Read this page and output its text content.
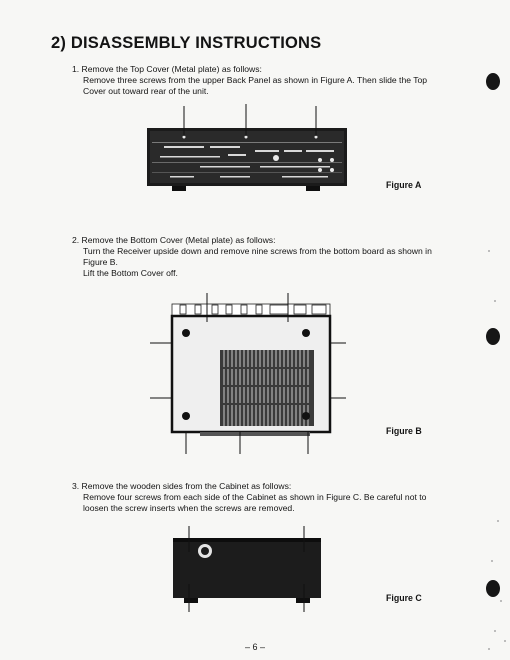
2) DISASSEMBLY INSTRUCTIONS
1. Remove the Top Cover (Metal plate) as follows:
Remove three screws from the upper Back Panel as shown in Figure A. Then slide the Top
Cover out toward rear of the unit.
2. Remove the Bottom Cover (Metal plate) as follows:
Turn the Receiver upside down and remove nine screws from the bottom board as shown in
Figure B.
Lift the Bottom Cover off.
3. Remove the wooden sides from the Cabinet as follows:
Remove four screws from each side of the Cabinet as shown in Figure C. Be careful not to
loosen the screw inserts when the screws are removed.
Figure A
Figure B
Figure C
– 6 –
